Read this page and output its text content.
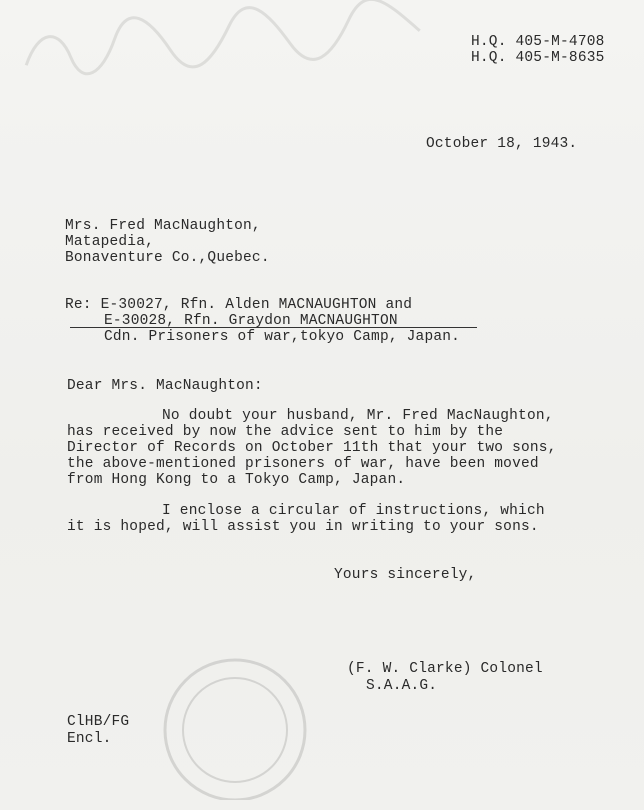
H.Q. 405-M-4708
H.Q. 405-M-8635
October 18, 1943.
Mrs. Fred MacNaughton,
Matapedia,
Bonaventure Co.,Quebec.
Re: E-30027, Rfn. Alden MACNAUGHTON and
E-30028, Rfn. Graydon MACNAUGHTON
Cdn. Prisoners of war,tokyo Camp, Japan.
Dear Mrs. MacNaughton:
No doubt your husband, Mr. Fred MacNaughton,
has received by now the advice sent to him by the
Director of Records on October 11th that your two sons,
the above-mentioned prisoners of war, have been moved
from Hong Kong to a Tokyo Camp, Japan.
I enclose a circular of instructions, which
it is hoped, will assist you in writing to your sons.
Yours sincerely,
(F. W. Clarke) Colonel
S.A.A.G.
ClHB/FG
Encl.
